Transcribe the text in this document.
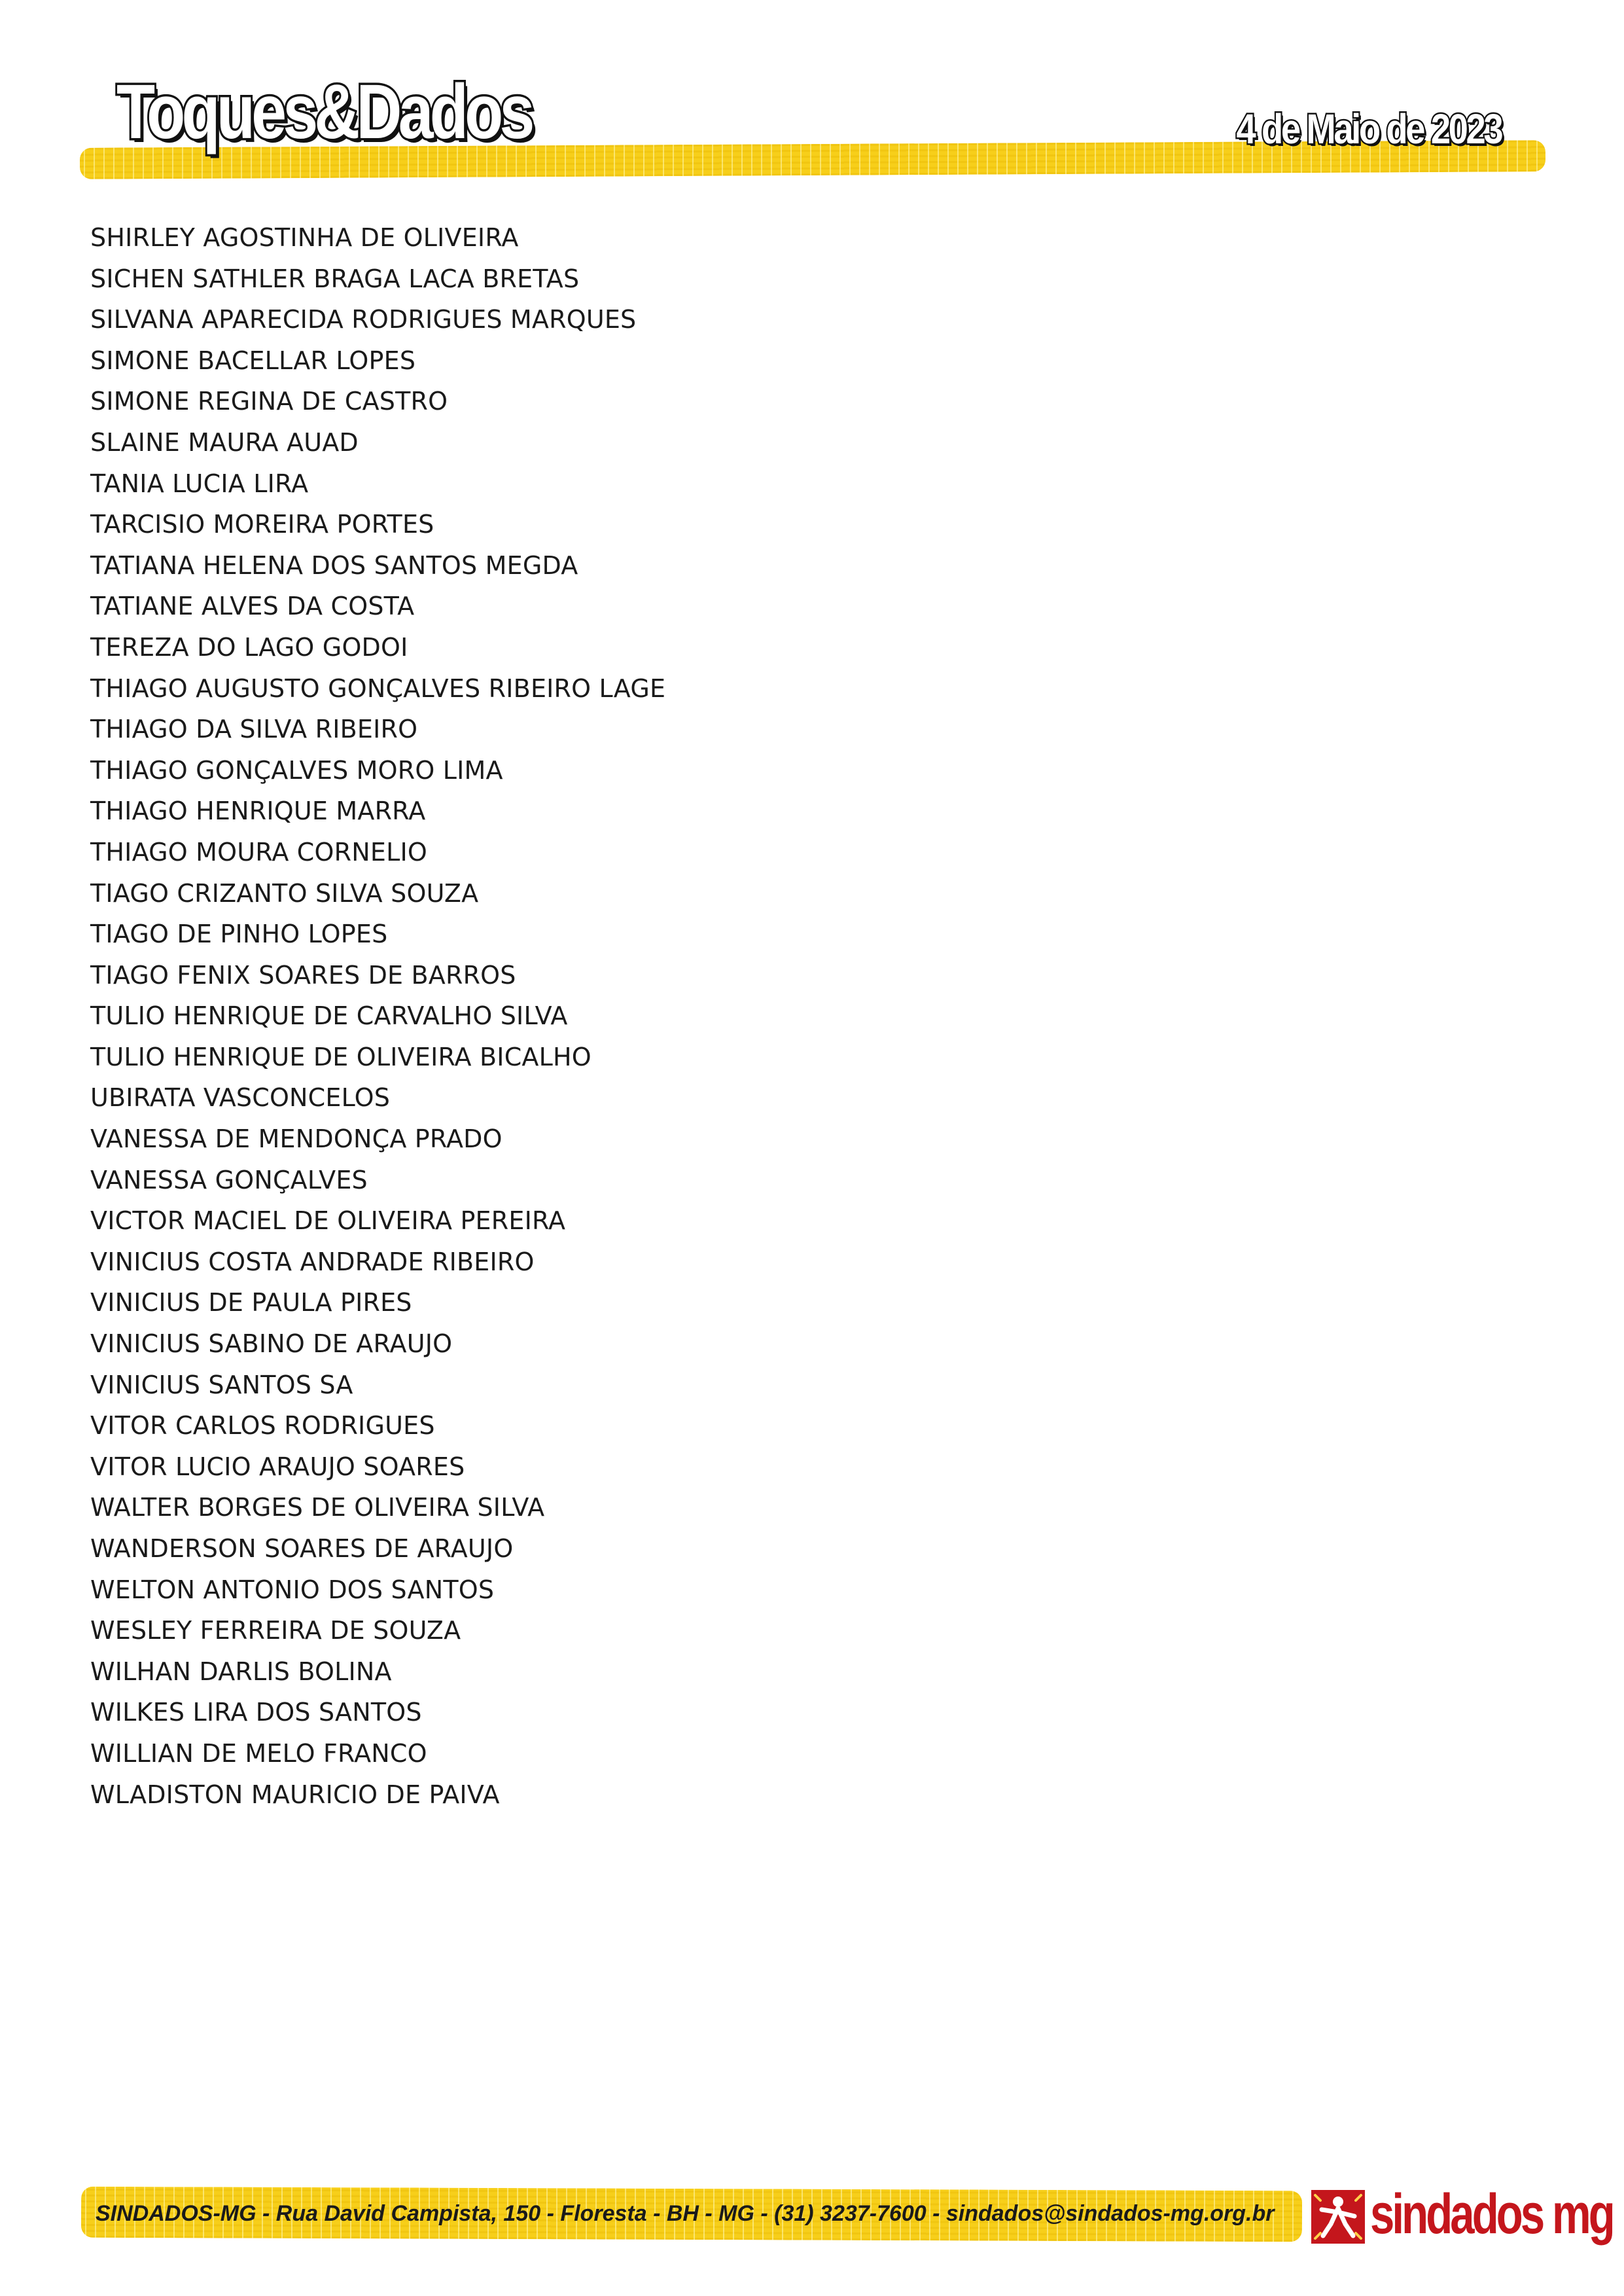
Toques&Dados	4 de Maio de 2023
SHIRLEY AGOSTINHA DE OLIVEIRA
SICHEN SATHLER BRAGA LACA BRETAS
SILVANA APARECIDA RODRIGUES MARQUES
SIMONE BACELLAR LOPES
SIMONE REGINA DE CASTRO
SLAINE MAURA AUAD
TANIA LUCIA LIRA
TARCISIO MOREIRA PORTES
TATIANA HELENA DOS SANTOS MEGDA
TATIANE ALVES DA COSTA
TEREZA DO LAGO GODOI
THIAGO AUGUSTO GONÇALVES RIBEIRO LAGE
THIAGO DA SILVA RIBEIRO
THIAGO GONÇALVES MORO LIMA
THIAGO HENRIQUE MARRA
THIAGO MOURA CORNELIO
TIAGO CRIZANTO SILVA SOUZA
TIAGO DE PINHO LOPES
TIAGO FENIX SOARES DE BARROS
TULIO HENRIQUE DE CARVALHO SILVA
TULIO HENRIQUE DE OLIVEIRA BICALHO
UBIRATA VASCONCELOS
VANESSA DE MENDONÇA PRADO
VANESSA GONÇALVES
VICTOR MACIEL DE OLIVEIRA PEREIRA
VINICIUS COSTA ANDRADE RIBEIRO
VINICIUS DE PAULA PIRES
VINICIUS SABINO DE ARAUJO
VINICIUS SANTOS SA
VITOR CARLOS RODRIGUES
VITOR LUCIO ARAUJO SOARES
WALTER BORGES DE OLIVEIRA SILVA
WANDERSON SOARES DE ARAUJO
WELTON ANTONIO DOS SANTOS
WESLEY FERREIRA DE SOUZA
WILHAN DARLIS BOLINA
WILKES LIRA DOS SANTOS
WILLIAN DE MELO FRANCO
WLADISTON MAURICIO DE PAIVA
SINDADOS-MG - Rua David Campista, 150 - Floresta - BH - MG - (31) 3237-7600 - sindados@sindados-mg.org.br sindados mg
